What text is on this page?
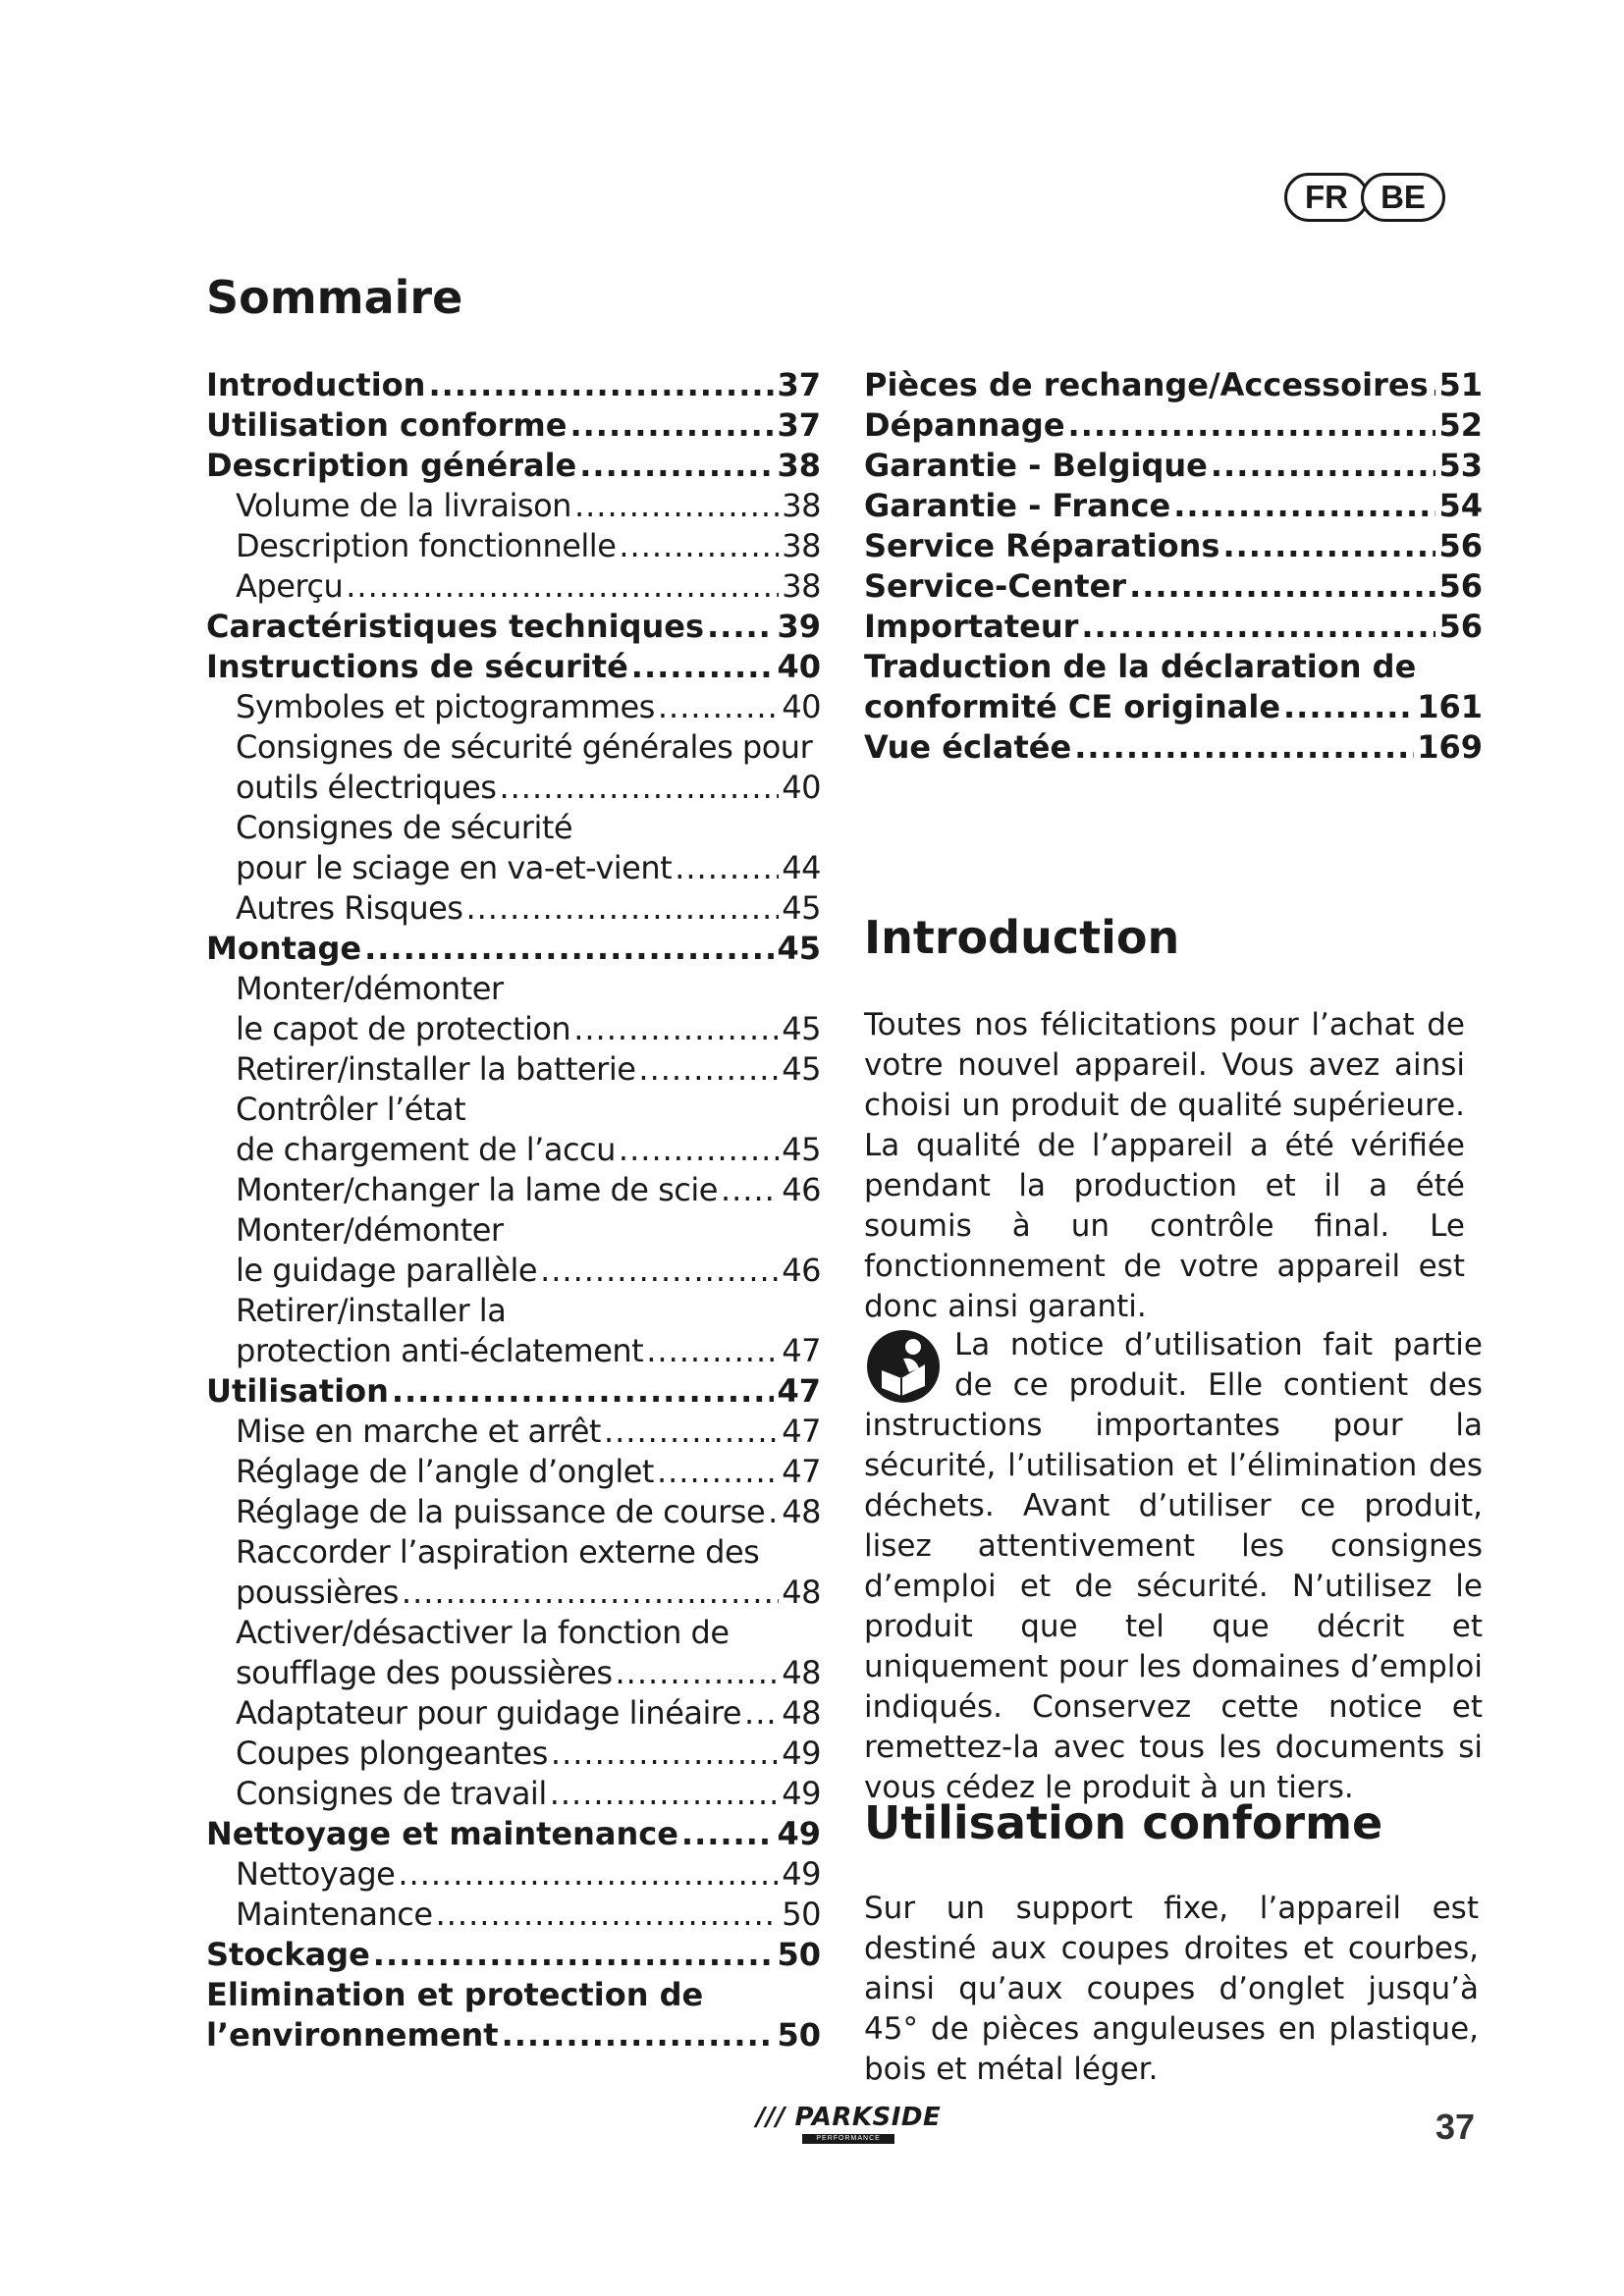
FR	BE
Sommaire
Introduction .....	37
Utilisation conforme .....	37
Description générale .....	38
Volume de la livraison .....	38
Description fonctionnelle .....	38
Aperçu .....	38
Caractéristiques techniques ..... 39
Instructions de sécurité .....	40
Symboles et pictogrammes .....	40
Consignes de sécurité générales pour
outils électriques .....	40
Consignes de sécurité
pour le sciage en va-et-vient .....	44
Autres Risques .....	45
Montage .....	45
Monter/démonter
le capot de protection .....	45
Retirer/installer la batterie .....	45
Contrôler l’état
de chargement de l’accu .....	45
Monter/changer la lame de scie ..... 46
Monter/démonter
le guidage parallèle .....	46
Retirer/installer la
protection anti-éclatement .....	47
Utilisation .....	47
Mise en marche et arrêt .....	47
Réglage de l’angle d’onglet .....	47
Réglage de la puissance de course ..... 48
Raccorder l’aspiration externe des
poussières .....	48
Activer/désactiver la fonction de
soufflage des poussières .....	48
Adaptateur pour guidage linéaire ..... 48
Coupes plongeantes .....	49
Consignes de travail .....	49
Nettoyage et maintenance .....	49
Nettoyage .....	49
Maintenance .....	50
Stockage .....	50
Elimination et protection de
l’environnement .....	50
Pièces de rechange/Accessoires ..... 51
Dépannage .....	52
Garantie - Belgique .....	53
Garantie - France .....	54
Service Réparations .....	56
Service-Center .....	56
Importateur .....	56
Traduction de la déclaration de
conformité CE originale .....	161
Vue éclatée .....	169
Introduction

Toutes nos félicitations pour l’achat de votre nouvel appareil. Vous avez ainsi choisi un produit de qualité supérieure. La qualité de l’appareil a été vérifiée pendant la production et il a été soumis à un contrôle final. Le fonctionnement de votre appareil est donc ainsi garanti.

La notice d’utilisation fait partie de ce produit. Elle contient des instructions importantes pour la sécurité, l’utilisation et l’élimination des déchets. Avant d’utiliser ce produit, lisez attentivement les consignes d’emploi et de sécurité. N’utilisez le produit que tel que décrit et uniquement pour les domaines d’emploi indiqués. Conservez cette notice et remettez-la avec tous les documents si vous cédez le produit à un tiers.
Utilisation conforme

Sur un support fixe, l’appareil est destiné aux coupes droites et courbes, ainsi qu’aux coupes d’onglet jusqu’à 45° de pièces anguleuses en plastique, bois et métal léger.

/// PARKSIDE
PERFORMANCE	37
